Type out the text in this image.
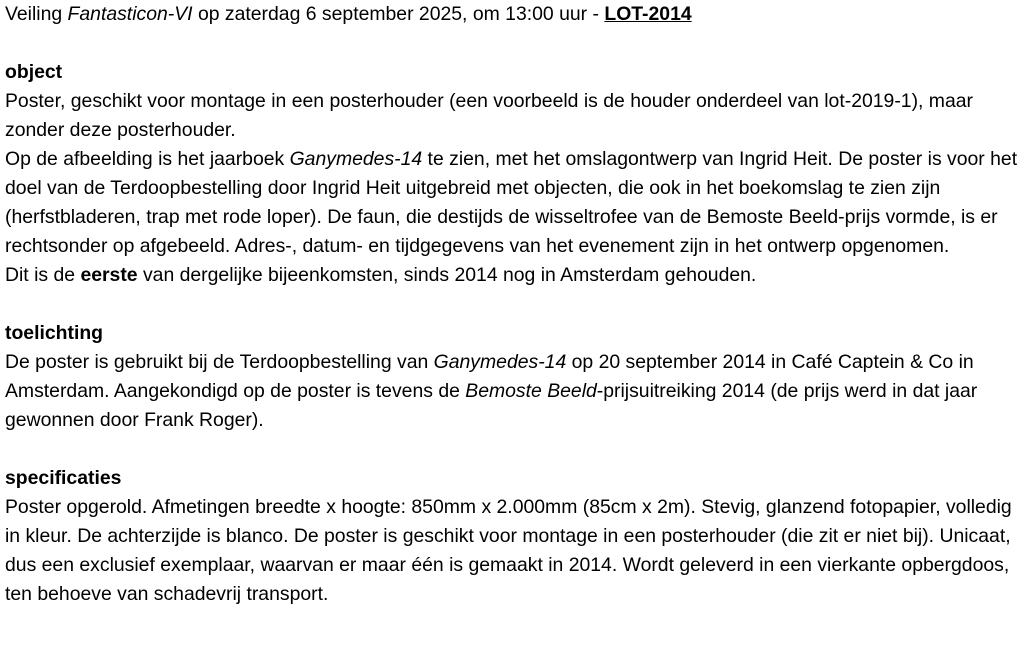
Veiling Fantasticon-VI op zaterdag 6 september 2025, om 13:00 uur - LOT-2014

object

Poster, geschikt voor montage in een posterhouder (een voorbeeld is de houder onderdeel van lot-2019-1), maar zonder deze posterhouder.

Op de afbeelding is het jaarboek Ganymedes-14 te zien, met het omslagontwerp van Ingrid Heit. De poster is voor het doel van de Terdoopbestelling door Ingrid Heit uitgebreid met objecten, die ook in het boekomslag te zien zijn (herfstbladeren, trap met rode loper). De faun, die destijds de wisseltrofee van de Bemoste Beeld-prijs vormde, is er rechtsonder op afgebeeld. Adres-, datum- en tijdgegevens van het evenement zijn in het ontwerp opgenomen.

Dit is de eerste van dergelijke bijeenkomsten, sinds 2014 nog in Amsterdam gehouden.

toelichting

De poster is gebruikt bij de Terdoopbestelling van Ganymedes-14 op 20 september 2014 in Café Captein & Co in Amsterdam. Aangekondigd op de poster is tevens de Bemoste Beeld-prijsuitreiking 2014 (de prijs werd in dat jaar gewonnen door Frank Roger).

specificaties

Poster opgerold. Afmetingen breedte x hoogte: 850mm x 2.000mm (85cm x 2m). Stevig, glanzend fotopapier, volledig in kleur. De achterzijde is blanco. De poster is geschikt voor montage in een posterhouder (die zit er niet bij). Unicaat, dus een exclusief exemplaar, waarvan er maar één is gemaakt in 2014. Wordt geleverd in een vierkante opbergdoos, ten behoeve van schadevrij transport.
